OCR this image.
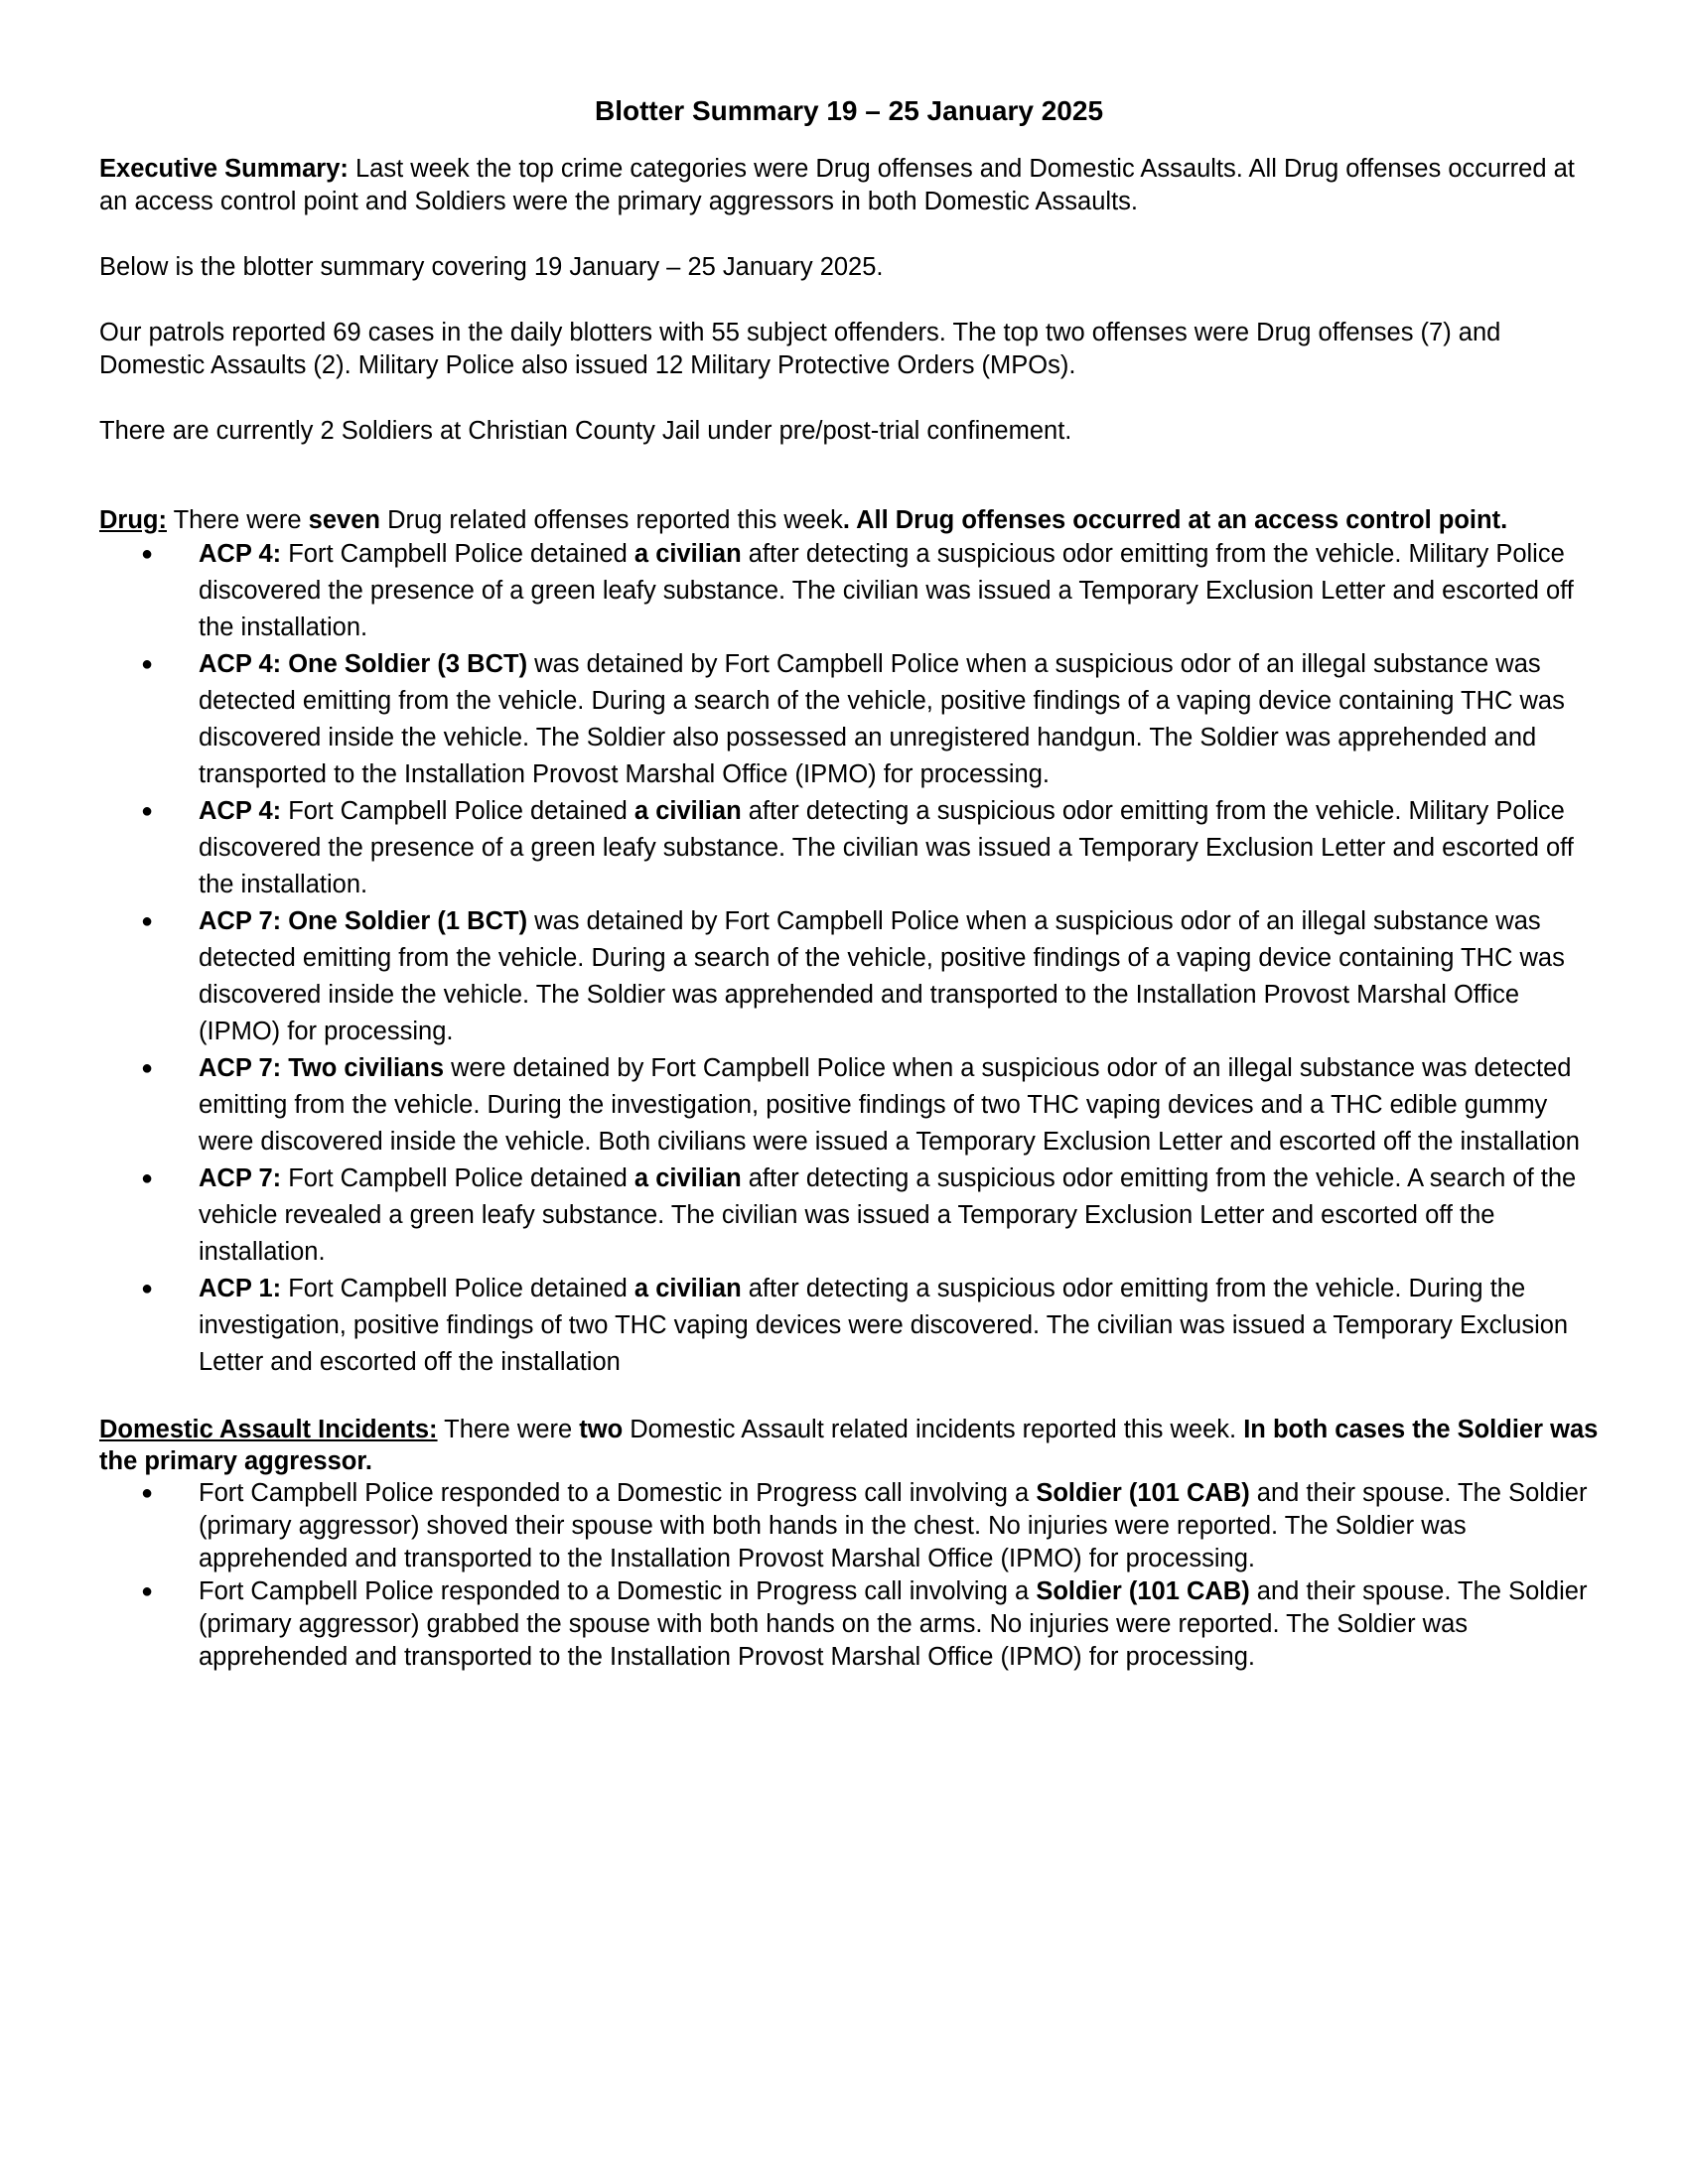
Blotter Summary 19 – 25 January 2025

Executive Summary: Last week the top crime categories were Drug offenses and Domestic Assaults. All Drug offenses occurred at an access control point and Soldiers were the primary aggressors in both Domestic Assaults.

Below is the blotter summary covering 19 January – 25 January 2025.

Our patrols reported 69 cases in the daily blotters with 55 subject offenders. The top two offenses were Drug offenses (7) and Domestic Assaults (2). Military Police also issued 12 Military Protective Orders (MPOs).

There are currently 2 Soldiers at Christian County Jail under pre/post-trial confinement.

Drug: There were seven Drug related offenses reported this week. All Drug offenses occurred at an access control point.
● ACP 4: Fort Campbell Police detained a civilian after detecting a suspicious odor emitting from the vehicle. Military Police discovered the presence of a green leafy substance. The civilian was issued a Temporary Exclusion Letter and escorted off the installation.
● ACP 4: One Soldier (3 BCT) was detained by Fort Campbell Police when a suspicious odor of an illegal substance was detected emitting from the vehicle. During a search of the vehicle, positive findings of a vaping device containing THC was discovered inside the vehicle. The Soldier also possessed an unregistered handgun. The Soldier was apprehended and transported to the Installation Provost Marshal Office (IPMO) for processing.
● ACP 4: Fort Campbell Police detained a civilian after detecting a suspicious odor emitting from the vehicle. Military Police discovered the presence of a green leafy substance. The civilian was issued a Temporary Exclusion Letter and escorted off the installation.
● ACP 7: One Soldier (1 BCT) was detained by Fort Campbell Police when a suspicious odor of an illegal substance was detected emitting from the vehicle. During a search of the vehicle, positive findings of a vaping device containing THC was discovered inside the vehicle. The Soldier was apprehended and transported to the Installation Provost Marshal Office (IPMO) for processing.
● ACP 7: Two civilians were detained by Fort Campbell Police when a suspicious odor of an illegal substance was detected emitting from the vehicle. During the investigation, positive findings of two THC vaping devices and a THC edible gummy were discovered inside the vehicle. Both civilians were issued a Temporary Exclusion Letter and escorted off the installation
● ACP 7: Fort Campbell Police detained a civilian after detecting a suspicious odor emitting from the vehicle. A search of the vehicle revealed a green leafy substance. The civilian was issued a Temporary Exclusion Letter and escorted off the installation.
● ACP 1: Fort Campbell Police detained a civilian after detecting a suspicious odor emitting from the vehicle. During the investigation, positive findings of two THC vaping devices were discovered. The civilian was issued a Temporary Exclusion Letter and escorted off the installation
Domestic Assault Incidents: There were two Domestic Assault related incidents reported this week. In both cases the Soldier was the primary aggressor.
● Fort Campbell Police responded to a Domestic in Progress call involving a Soldier (101 CAB) and their spouse. The Soldier (primary aggressor) shoved their spouse with both hands in the chest. No injuries were reported. The Soldier was apprehended and transported to the Installation Provost Marshal Office (IPMO) for processing.
● Fort Campbell Police responded to a Domestic in Progress call involving a Soldier (101 CAB) and their spouse. The Soldier (primary aggressor) grabbed the spouse with both hands on the arms. No injuries were reported. The Soldier was apprehended and transported to the Installation Provost Marshal Office (IPMO) for processing.
